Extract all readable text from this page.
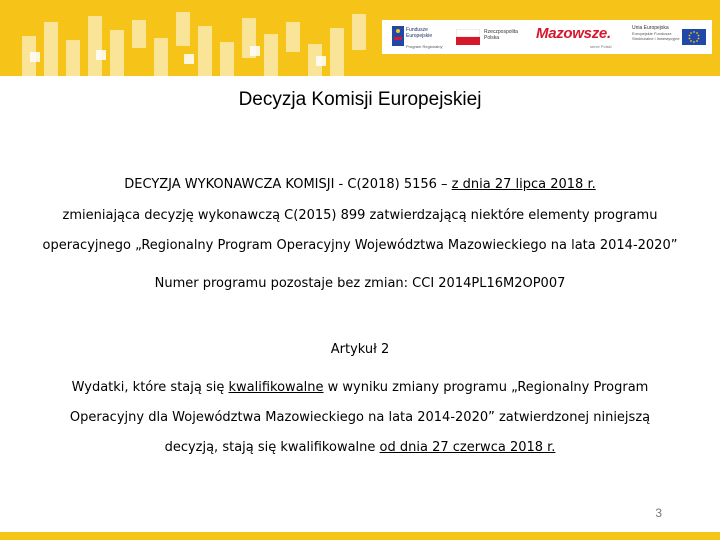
Fundusze Europejskie
Program Regionalny
Rzeczpospolita Polska	Mazowsze.
serce Polski
Unia Europejska
Europejskie Fundusze Strukturalne i Inwestycyjne
Decyzja Komisji Europejskiej
DECYZJA WYKONAWCZA KOMISJI - C(2018) 5156 – z dnia 27 lipca 2018 r.
zmieniająca decyzję wykonawczą C(2015) 899 zatwierdzającą niektóre elementy programu
operacyjnego „Regionalny Program Operacyjny Województwa Mazowieckiego na lata 2014-2020”
Numer programu pozostaje bez zmian: CCI 2014PL16M2OP007
Artykuł 2
Wydatki, które stają się kwalifikowalne w wyniku zmiany programu „Regionalny Program
Operacyjny dla Województwa Mazowieckiego na lata 2014-2020” zatwierdzonej niniejszą
decyzją, stają się kwalifikowalne od dnia 27 czerwca 2018 r.
3
